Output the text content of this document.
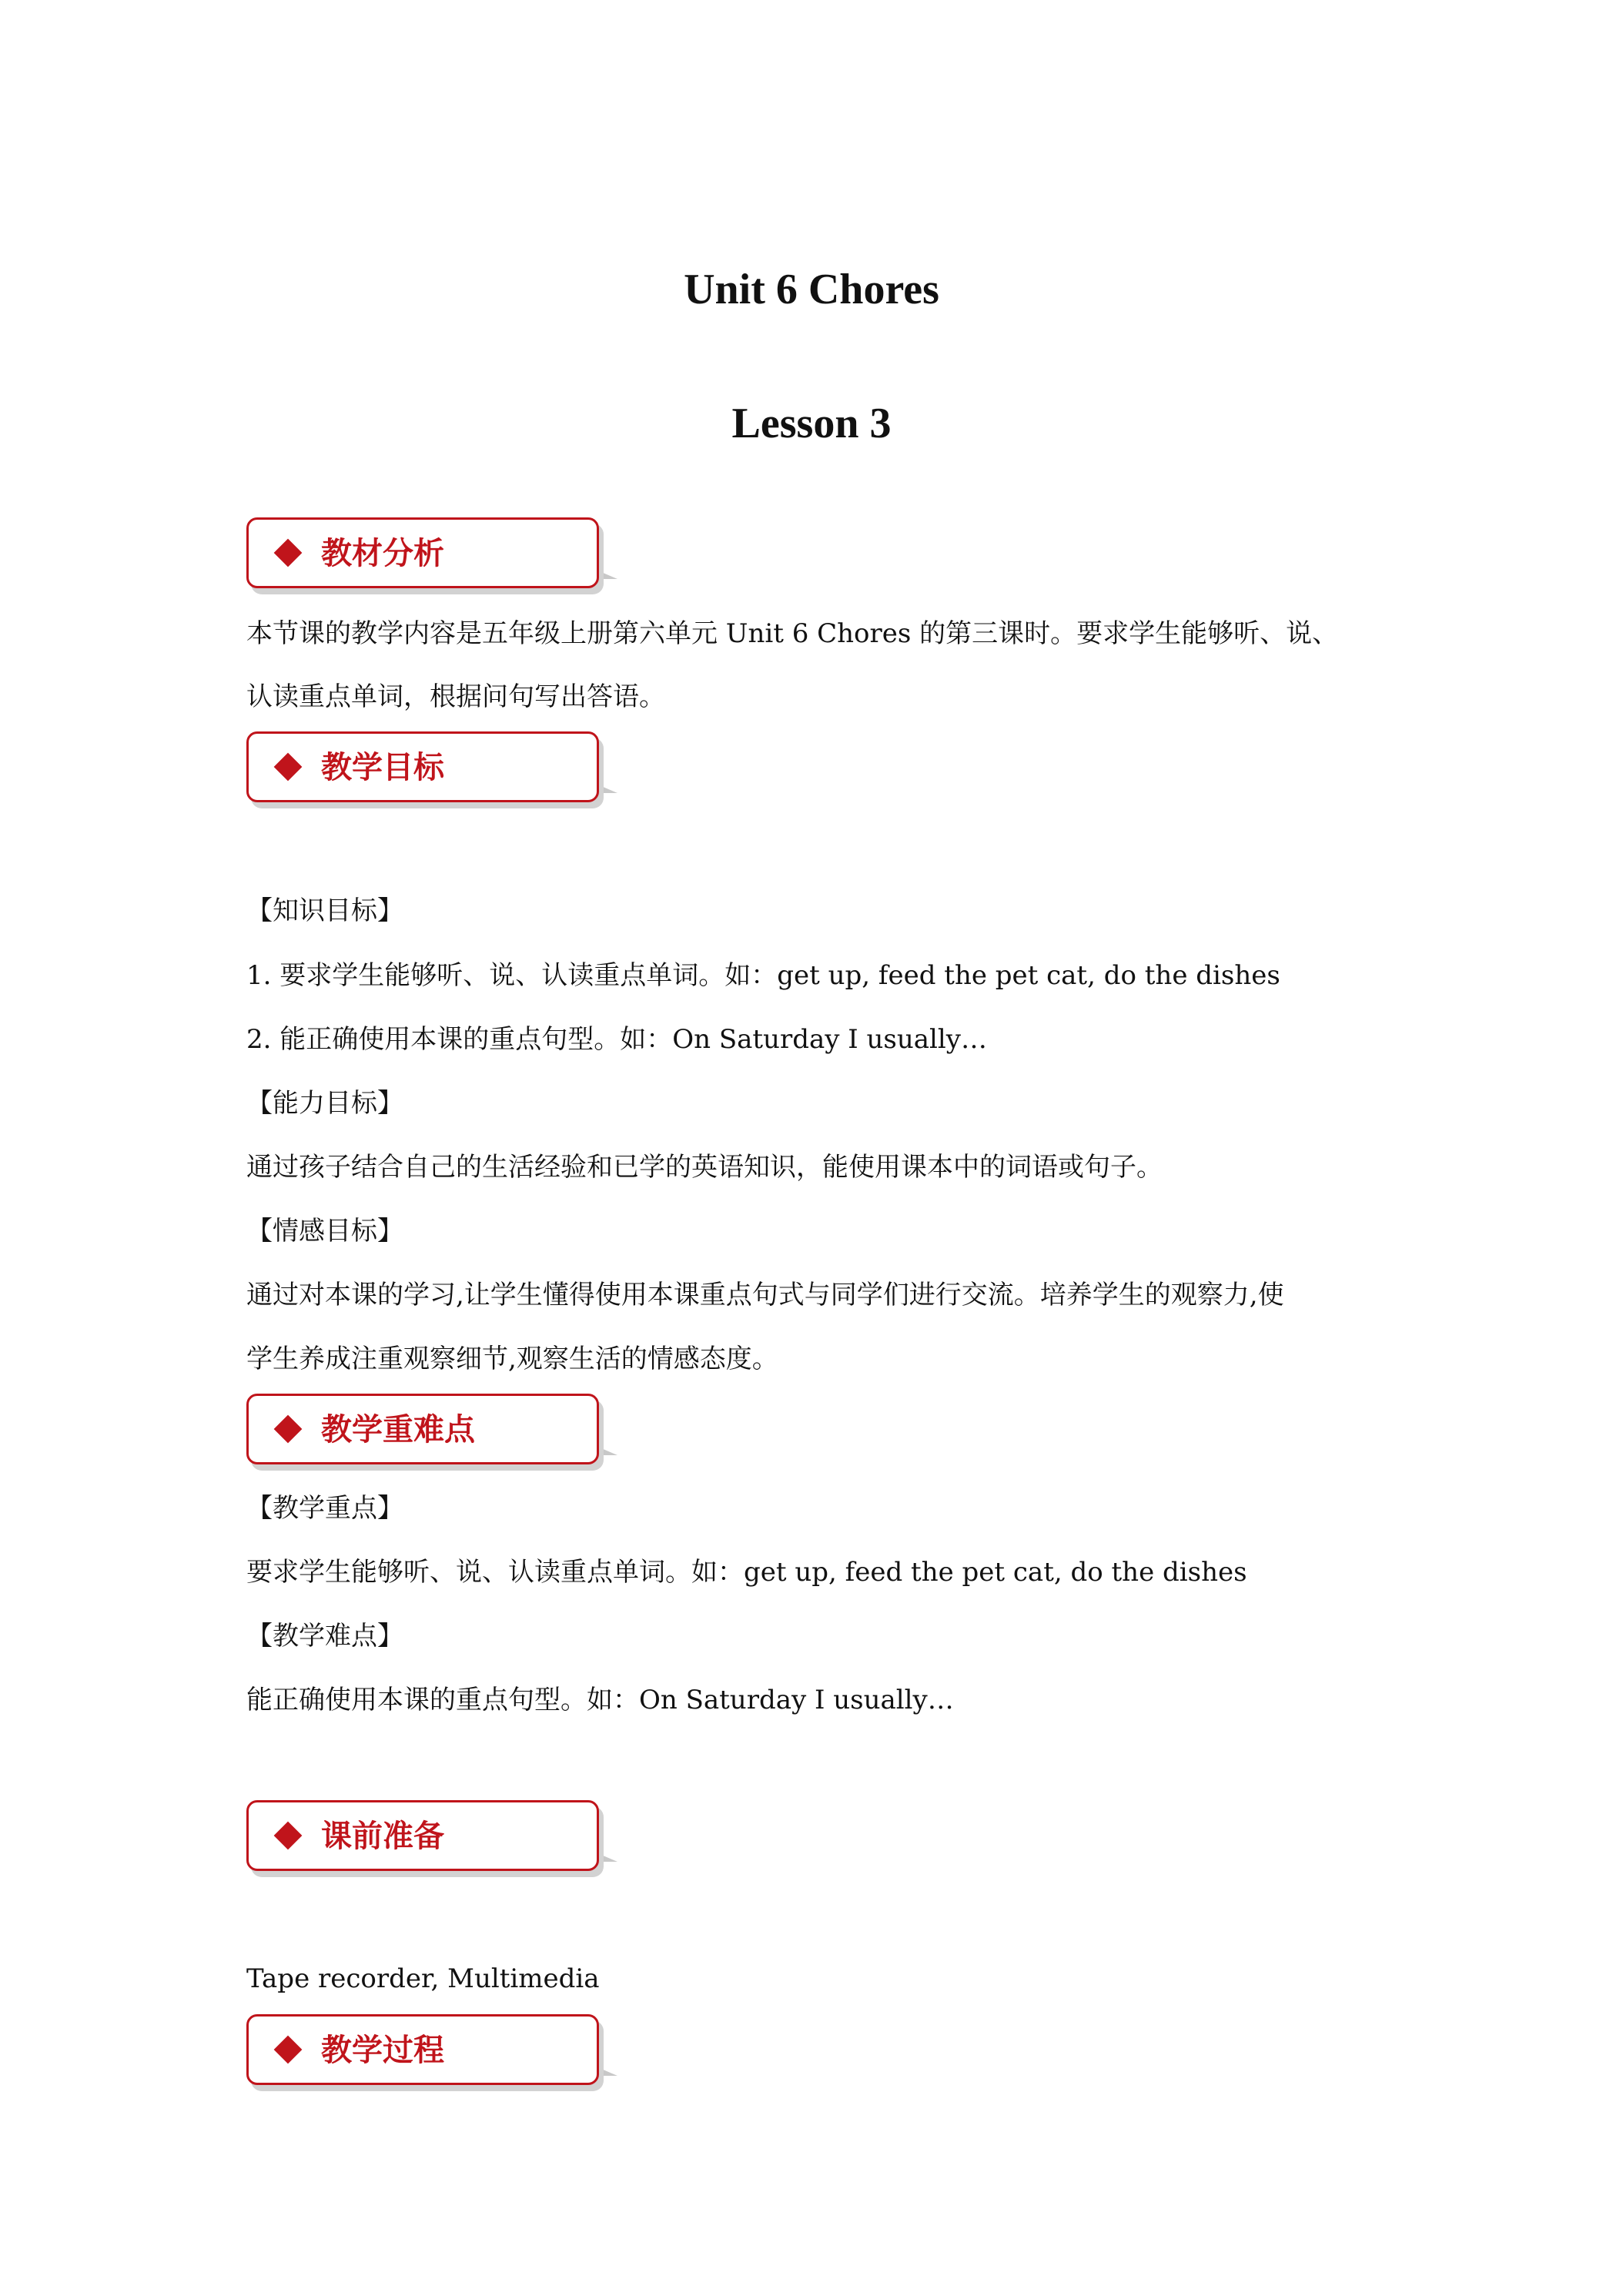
Unit 6 Chores
Lesson 3
教材分析

本节课的教学内容是五年级上册第六单元 Unit 6 Chores 的第三课时。要求学生能够听、说、

认读重点单词，根据问句写出答语。

教学目标

【知识目标】

1. 要求学生能够听、说、认读重点单词。如：get up, feed the pet cat, do the dishes

2. 能正确使用本课的重点句型。如：On Saturday I usually…

【能力目标】

通过孩子结合自己的生活经验和已学的英语知识，能使用课本中的词语或句子。

【情感目标】

通过对本课的学习,让学生懂得使用本课重点句式与同学们进行交流。培养学生的观察力,使

学生养成注重观察细节,观察生活的情感态度。

教学重难点

【教学重点】

要求学生能够听、说、认读重点单词。如：get up, feed the pet cat, do the dishes

【教学难点】

能正确使用本课的重点句型。如：On Saturday I usually…

课前准备

Tape recorder, Multimedia

教学过程
